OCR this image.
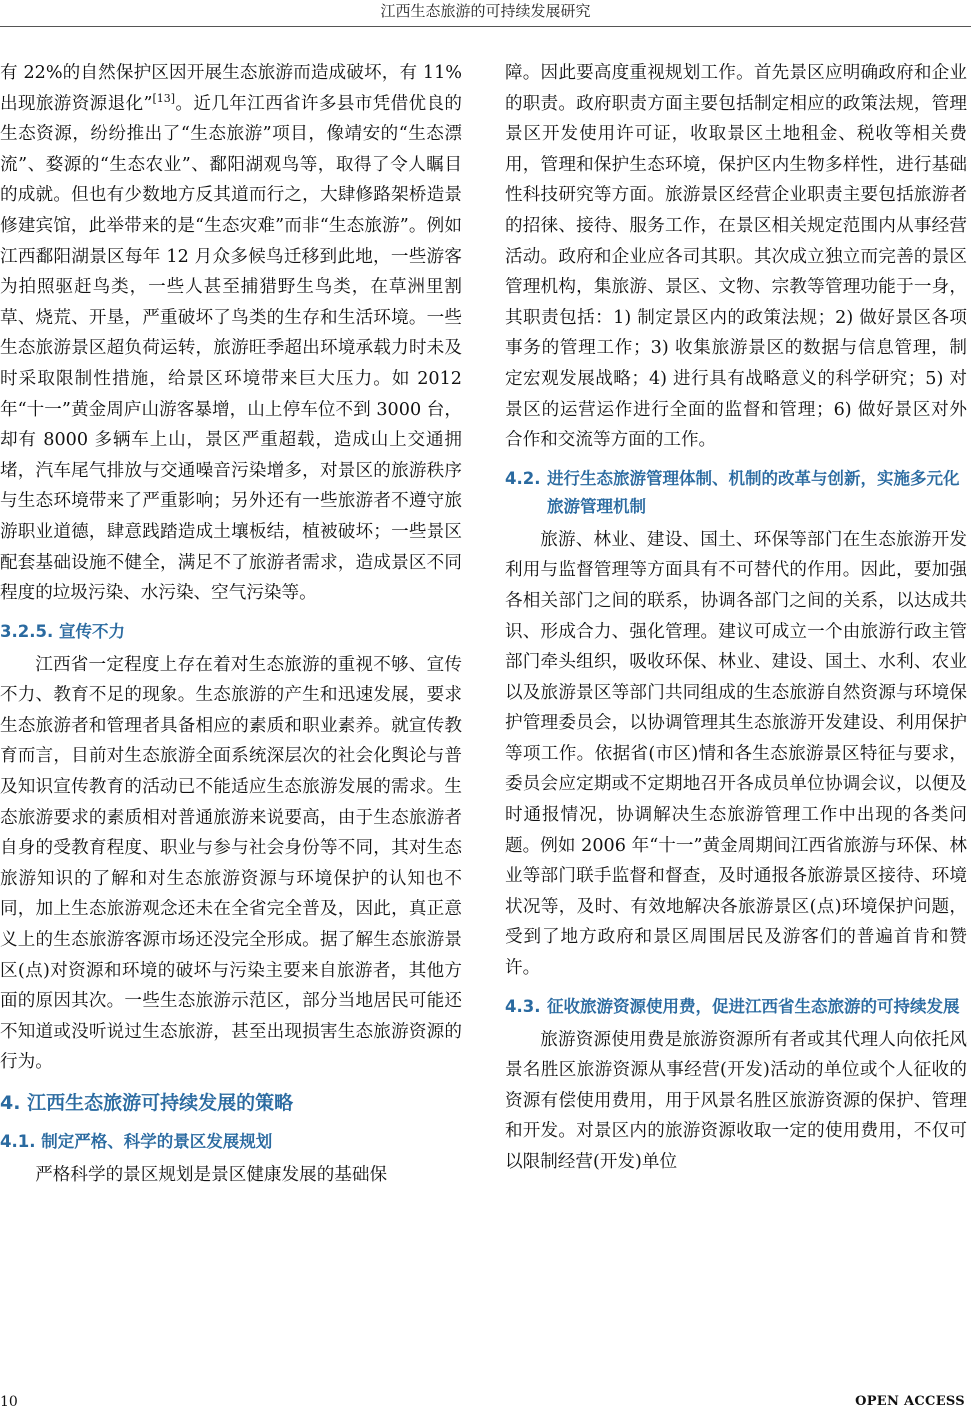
江西生态旅游的可持续发展研究

有 22%的自然保护区因开展生态旅游而造成破坏，有 11%出现旅游资源退化”[13]。近几年江西省许多县市凭借优良的生态资源，纷纷推出了“生态旅游”项目，像靖安的“生态漂流”、婺源的“生态农业”、鄱阳湖观鸟等，取得了令人瞩目的成就。但也有少数地方反其道而行之，大肆修路架桥造景修建宾馆，此举带来的是“生态灾难”而非“生态旅游”。例如江西鄱阳湖景区每年 12 月众多候鸟迁移到此地，一些游客为拍照驱赶鸟类，一些人甚至捕猎野生鸟类，在草洲里割草、烧荒、开垦，严重破坏了鸟类的生存和生活环境。一些生态旅游景区超负荷运转，旅游旺季超出环境承载力时未及时采取限制性措施，给景区环境带来巨大压力。如 2012 年“十一”黄金周庐山游客暴增，山上停车位不到 3000 台，却有 8000 多辆车上山，景区严重超载，造成山上交通拥堵，汽车尾气排放与交通噪音污染增多，对景区的旅游秩序与生态环境带来了严重影响；另外还有一些旅游者不遵守旅游职业道德，肆意践踏造成土壤板结，植被破坏；一些景区配套基础设施不健全，满足不了旅游者需求，造成景区不同程度的垃圾污染、水污染、空气污染等。

3.2.5. 宣传不力

江西省一定程度上存在着对生态旅游的重视不够、宣传不力、教育不足的现象。生态旅游的产生和迅速发展，要求生态旅游者和管理者具备相应的素质和职业素养。就宣传教育而言，目前对生态旅游全面系统深层次的社会化舆论与普及知识宣传教育的活动已不能适应生态旅游发展的需求。生态旅游要求的素质相对普通旅游来说要高，由于生态旅游者自身的受教育程度、职业与参与社会身份等不同，其对生态旅游知识的了解和对生态旅游资源与环境保护的认知也不同，加上生态旅游观念还未在全省完全普及，因此，真正意义上的生态旅游客源市场还没完全形成。据了解生态旅游景区(点)对资源和环境的破坏与污染主要来自旅游者，其他方面的原因其次。一些生态旅游示范区，部分当地居民可能还不知道或没听说过生态旅游，甚至出现损害生态旅游资源的行为。

4. 江西生态旅游可持续发展的策略
4.1. 制定严格、科学的景区发展规划

严格科学的景区规划是景区健康发展的基础保

障。因此要高度重视规划工作。首先景区应明确政府和企业的职责。政府职责方面主要包括制定相应的政策法规，管理景区开发使用许可证，收取景区土地租金、税收等相关费用，管理和保护生态环境，保护区内生物多样性，进行基础性科技研究等方面。旅游景区经营企业职责主要包括旅游者的招徕、接待、服务工作，在景区相关规定范围内从事经营活动。政府和企业应各司其职。其次成立独立而完善的景区管理机构，集旅游、景区、文物、宗教等管理功能于一身，其职责包括：1) 制定景区内的政策法规；2) 做好景区各项事务的管理工作；3) 收集旅游景区的数据与信息管理，制定宏观发展战略；4) 进行具有战略意义的科学研究；5) 对景区的运营运作进行全面的监督和管理；6) 做好景区对外合作和交流等方面的工作。

4.2. 进行生态旅游管理体制、机制的改革与创新，实施多元化旅游管理机制

旅游、林业、建设、国土、环保等部门在生态旅游开发利用与监督管理等方面具有不可替代的作用。因此，要加强各相关部门之间的联系，协调各部门之间的关系，以达成共识、形成合力、强化管理。建议可成立一个由旅游行政主管部门牵头组织，吸收环保、林业、建设、国土、水利、农业以及旅游景区等部门共同组成的生态旅游自然资源与环境保护管理委员会，以协调管理其生态旅游开发建设、利用保护等项工作。依据省(市区)情和各生态旅游景区特征与要求，委员会应定期或不定期地召开各成员单位协调会议，以便及时通报情况，协调解决生态旅游管理工作中出现的各类问题。例如 2006 年“十一”黄金周期间江西省旅游与环保、林业等部门联手监督和督查，及时通报各旅游景区接待、环境状况等，及时、有效地解决各旅游景区(点)环境保护问题，受到了地方政府和景区周围居民及游客们的普遍首肯和赞许。

4.3. 征收旅游资源使用费，促进江西省生态旅游的可持续发展

旅游资源使用费是旅游资源所有者或其代理人向依托风景名胜区旅游资源从事经营(开发)活动的单位或个人征收的资源有偿使用费用，用于风景名胜区旅游资源的保护、管理和开发。对景区内的旅游资源收取一定的使用费用，不仅可以限制经营(开发)单位

10	OPEN ACCESS
